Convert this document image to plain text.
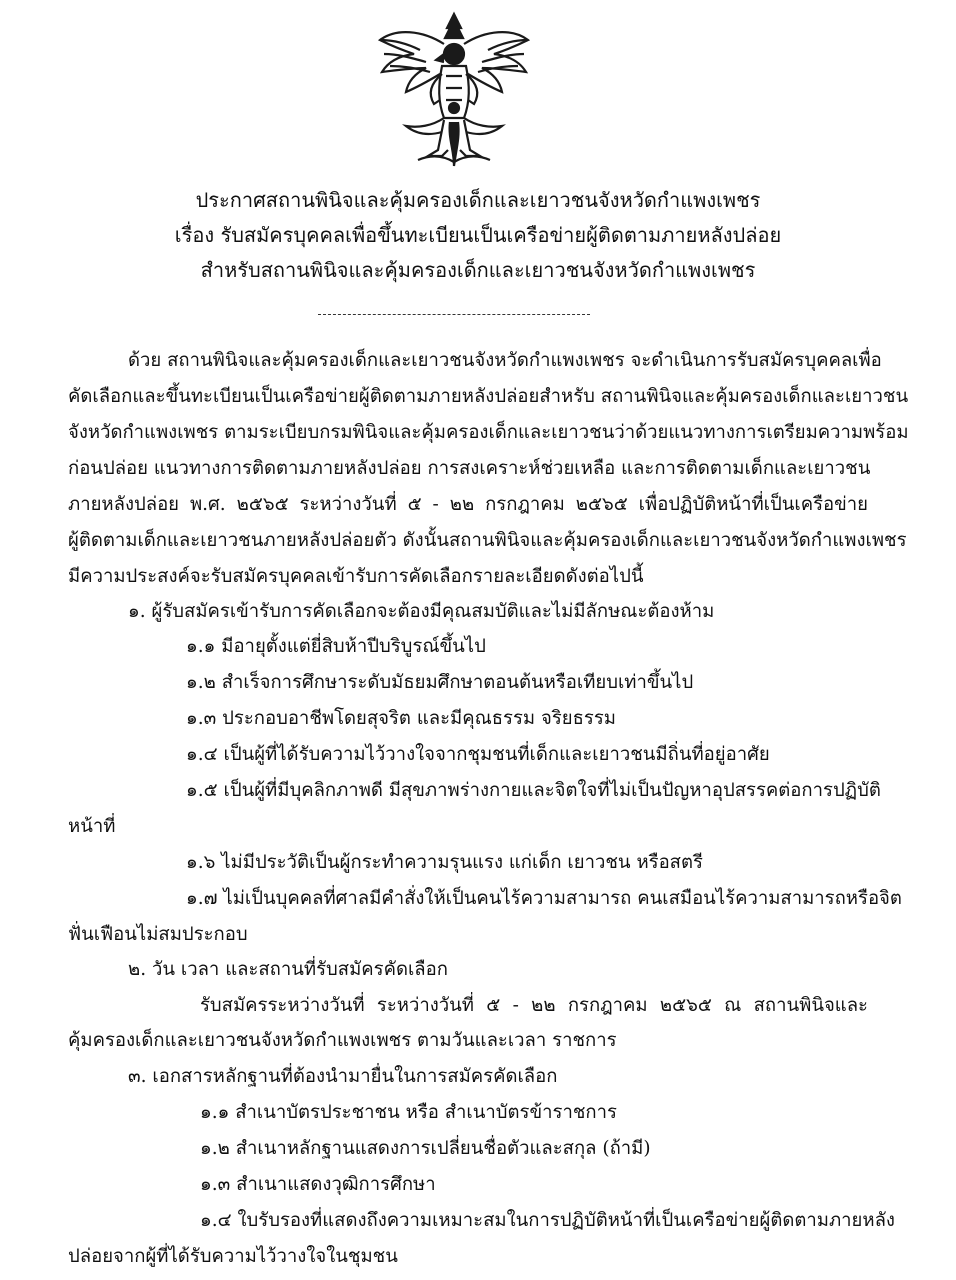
ประกาศสถานพินิจและคุ้มครองเด็กและเยาวชนจังหวัดกำแพงเพชร
เรื่อง รับสมัครบุคคลเพื่อขึ้นทะเบียนเป็นเครือข่ายผู้ติดตามภายหลังปล่อย
สำหรับสถานพินิจและคุ้มครองเด็กและเยาวชนจังหวัดกำแพงเพชร
ด้วย สถานพินิจและคุ้มครองเด็กและเยาวชนจังหวัดกำแพงเพชร จะดำเนินการรับสมัครบุคคลเพื่อ
คัดเลือกและขึ้นทะเบียนเป็นเครือข่ายผู้ติดตามภายหลังปล่อยสำหรับ สถานพินิจและคุ้มครองเด็กและเยาวชน
จังหวัดกำแพงเพชร ตามระเบียบกรมพินิจและคุ้มครองเด็กและเยาวชนว่าด้วยแนวทางการเตรียมความพร้อม
ก่อนปล่อย แนวทางการติดตามภายหลังปล่อย การสงเคราะห์ช่วยเหลือ และการติดตามเด็กและเยาวชน
ภายหลังปล่อย พ.ศ. ๒๕๖๕ ระหว่างวันที่ ๕ - ๒๒ กรกฎาคม ๒๕๖๕ เพื่อปฏิบัติหน้าที่เป็นเครือข่าย
ผู้ติดตามเด็กและเยาวชนภายหลังปล่อยตัว ดังนั้นสถานพินิจและคุ้มครองเด็กและเยาวชนจังหวัดกำแพงเพชร
มีความประสงค์จะรับสมัครบุคคลเข้ารับการคัดเลือกรายละเอียดดังต่อไปนี้
๑. ผู้รับสมัครเข้ารับการคัดเลือกจะต้องมีคุณสมบัติและไม่มีลักษณะต้องห้าม
๑.๑ มีอายุตั้งแต่ยี่สิบห้าปีบริบูรณ์ขึ้นไป
๑.๒ สำเร็จการศึกษาระดับมัธยมศึกษาตอนต้นหรือเทียบเท่าขึ้นไป
๑.๓ ประกอบอาชีพโดยสุจริต และมีคุณธรรม จริยธรรม
๑.๔ เป็นผู้ที่ได้รับความไว้วางใจจากชุมชนที่เด็กและเยาวชนมีถิ่นที่อยู่อาศัย
๑.๕ เป็นผู้ที่มีบุคลิกภาพดี มีสุขภาพร่างกายและจิตใจที่ไม่เป็นปัญหาอุปสรรคต่อการปฏิบัติ
หน้าที่
๑.๖ ไม่มีประวัติเป็นผู้กระทำความรุนแรง แก่เด็ก เยาวชน หรือสตรี
๑.๗ ไม่เป็นบุคคลที่ศาลมีคำสั่งให้เป็นคนไร้ความสามารถ คนเสมือนไร้ความสามารถหรือจิต
ฟั่นเฟือนไม่สมประกอบ
๒. วัน เวลา และสถานที่รับสมัครคัดเลือก
รับสมัครระหว่างวันที่ ระหว่างวันที่ ๕ - ๒๒ กรกฎาคม ๒๕๖๕ ณ สถานพินิจและ
คุ้มครองเด็กและเยาวชนจังหวัดกำแพงเพชร ตามวันและเวลา ราชการ
๓. เอกสารหลักฐานที่ต้องนำมายื่นในการสมัครคัดเลือก
๑.๑ สำเนาบัตรประชาชน หรือ สำเนาบัตรข้าราชการ
๑.๒ สำเนาหลักฐานแสดงการเปลี่ยนชื่อตัวและสกุล (ถ้ามี)
๑.๓ สำเนาแสดงวุฒิการศึกษา
๑.๔ ใบรับรองที่แสดงถึงความเหมาะสมในการปฏิบัติหน้าที่เป็นเครือข่ายผู้ติดตามภายหลัง
ปล่อยจากผู้ที่ได้รับความไว้วางใจในชุมชน
